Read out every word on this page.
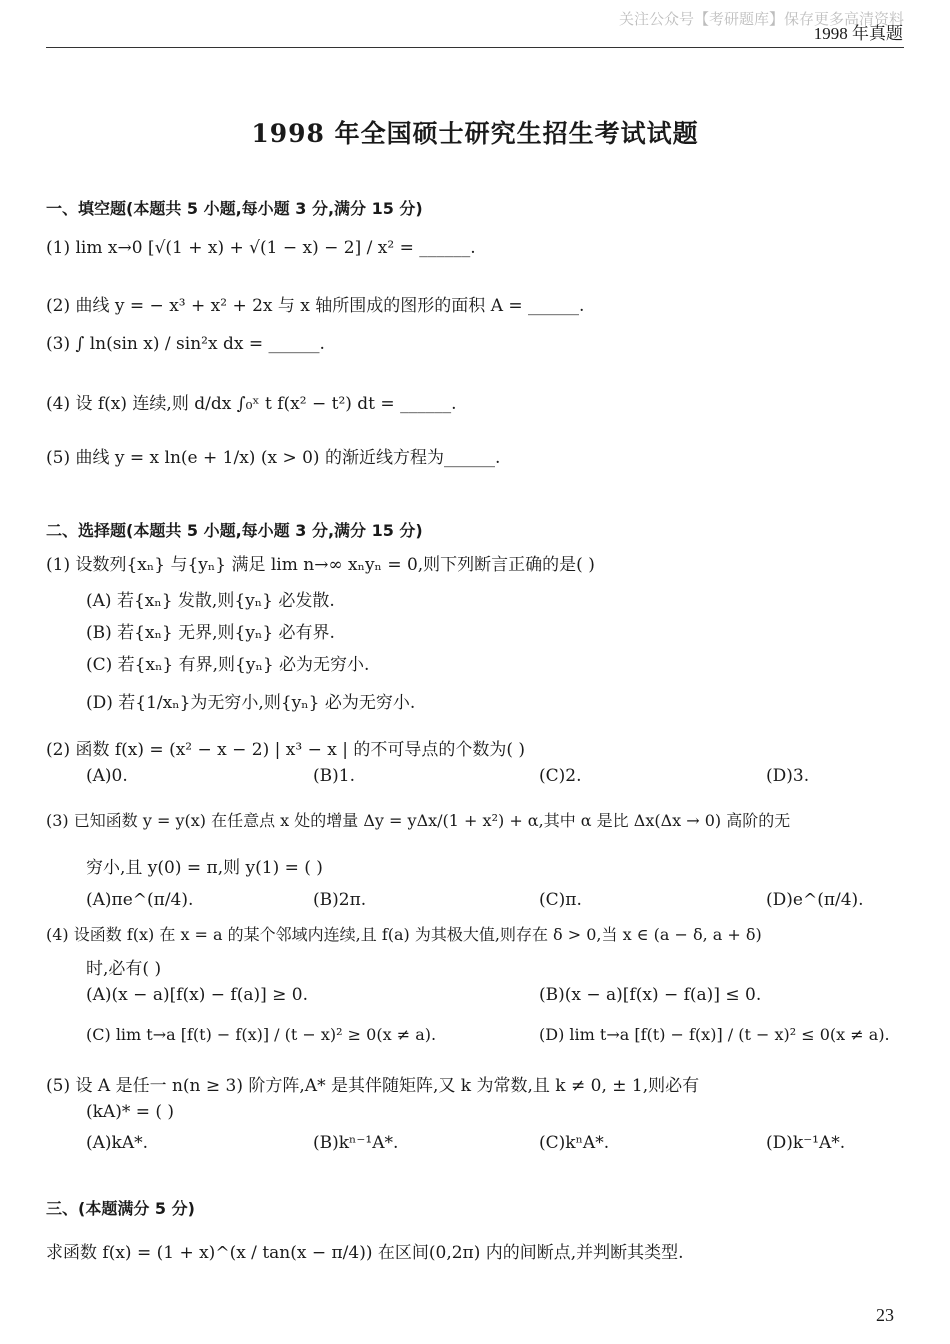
关注公众号【考研题库】保存更多高清资料
1998 年真题
1998 年全国硕士研究生招生考试试题
一、填空题(本题共 5 小题,每小题 3 分,满分 15 分)
(1) lim x→0 [√(1 + x) + √(1 − x) − 2] / x² = ______.
(2) 曲线 y = − x³ + x² + 2x 与 x 轴所围成的图形的面积 A = ______.
(3) ∫ ln(sin x) / sin²x dx = ______.
(4) 设 f(x) 连续,则 d/dx ∫₀ˣ t f(x² − t²) dt = ______.
(5) 曲线 y = x ln(e + 1/x) (x > 0) 的渐近线方程为______.
二、选择题(本题共 5 小题,每小题 3 分,满分 15 分)
(1) 设数列{xₙ} 与{yₙ} 满足 lim n→∞ xₙyₙ = 0,则下列断言正确的是( )
(A) 若{xₙ} 发散,则{yₙ} 必发散.
(B) 若{xₙ} 无界,则{yₙ} 必有界.
(C) 若{xₙ} 有界,则{yₙ} 必为无穷小.
(D) 若{1/xₙ}为无穷小,则{yₙ} 必为无穷小.
(2) 函数 f(x) = (x² − x − 2) | x³ − x | 的不可导点的个数为( )
(A)0.	(B)1.	(C)2.	(D)3.
(3) 已知函数 y = y(x) 在任意点 x 处的增量 Δy = yΔx/(1 + x²) + α,其中 α 是比 Δx(Δx → 0) 高阶的无
穷小,且 y(0) = π,则 y(1) = ( )
(A)πe^(π/4).	(B)2π.	(C)π.	(D)e^(π/4).
(4) 设函数 f(x) 在 x = a 的某个邻域内连续,且 f(a) 为其极大值,则存在 δ > 0,当 x ∈ (a − δ, a + δ)
时,必有( )
(A)(x − a)[f(x) − f(a)] ≥ 0.	(B)(x − a)[f(x) − f(a)] ≤ 0.
(C) lim t→a [f(t) − f(x)] / (t − x)² ≥ 0(x ≠ a).	(D) lim t→a [f(t) − f(x)] / (t − x)² ≤ 0(x ≠ a).
(5) 设 A 是任一 n(n ≥ 3) 阶方阵,A* 是其伴随矩阵,又 k 为常数,且 k ≠ 0, ± 1,则必有
(kA)* = ( )
(A)kA*.	(B)kⁿ⁻¹A*.	(C)kⁿA*.	(D)k⁻¹A*.
三、(本题满分 5 分)
求函数 f(x) = (1 + x)^(x / tan(x − π/4)) 在区间(0,2π) 内的间断点,并判断其类型.
23
